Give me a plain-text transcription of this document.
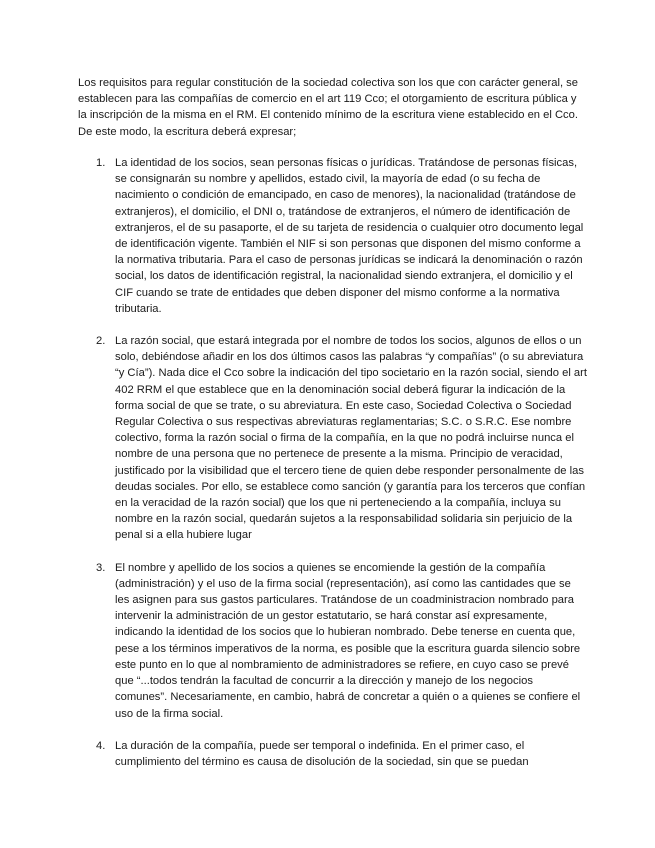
Los requisitos para regular constitución de la sociedad colectiva son los que con carácter general, se establecen para las compañías de comercio en el art 119 Cco; el otorgamiento de escritura pública y la inscripción de la misma en el RM. El contenido mínimo de la escritura viene establecido en el Cco. De este modo, la escritura deberá expresar;

1. La identidad de los socios, sean personas físicas o jurídicas. Tratándose de personas físicas, se consignarán su nombre y apellidos, estado civil, la mayoría de edad (o su fecha de nacimiento o condición de emancipado, en caso de menores), la nacionalidad (tratándose de extranjeros), el domicilio, el DNI o, tratándose de extranjeros, el número de identificación de extranjeros, el de su pasaporte, el de su tarjeta de residencia o cualquier otro documento legal de identificación vigente. También el NIF si son personas que disponen del mismo conforme a la normativa tributaria. Para el caso de personas jurídicas se indicará la denominación o razón social, los datos de identificación registral, la nacionalidad siendo extranjera, el domicilio y el CIF cuando se trate de entidades que deben disponer del mismo conforme a la normativa tributaria.

2. La razón social, que estará integrada por el nombre de todos los socios, algunos de ellos o un solo, debiéndose añadir en los dos últimos casos las palabras “y compañías” (o su abreviatura “y Cía”). Nada dice el Cco sobre la indicación del tipo societario en la razón social, siendo el art 402 RRM el que establece que en la denominación social deberá figurar la indicación de la forma social de que se trate, o su abreviatura. En este caso, Sociedad Colectiva o Sociedad Regular Colectiva o sus respectivas abreviaturas reglamentarias; S.C. o S.R.C. Ese nombre colectivo, forma la razón social o firma de la compañía, en la que no podrá incluirse nunca el nombre de una persona que no pertenece de presente a la misma. Principio de veracidad, justificado por la visibilidad que el tercero tiene de quien debe responder personalmente de las deudas sociales. Por ello, se establece como sanción (y garantía para los terceros que confían en la veracidad de la razón social) que los que ni perteneciendo a la compañía, incluya su nombre en la razón social, quedarán sujetos a la responsabilidad solidaria sin perjuicio de la penal si a ella hubiere lugar

3. El nombre y apellido de los socios a quienes se encomiende la gestión de la compañía (administración) y el uso de la firma social (representación), así como las cantidades que se les asignen para sus gastos particulares. Tratándose de un coadministracion nombrado para intervenir la administración de un gestor estatutario, se hará constar así expresamente, indicando la identidad de los socios que lo hubieran nombrado. Debe tenerse en cuenta que, pese a los términos imperativos de la norma, es posible que la escritura guarda silencio sobre este punto en lo que al nombramiento de administradores se refiere, en cuyo caso se prevé que “...todos tendrán la facultad de concurrir a la dirección y manejo de los negocios comunes”. Necesariamente, en cambio, habrá de concretar a quién o a quienes se confiere el uso de la firma social.

4. La duración de la compañía, puede ser temporal o indefinida. En el primer caso, el cumplimiento del término es causa de disolución de la sociedad, sin que se puedan
